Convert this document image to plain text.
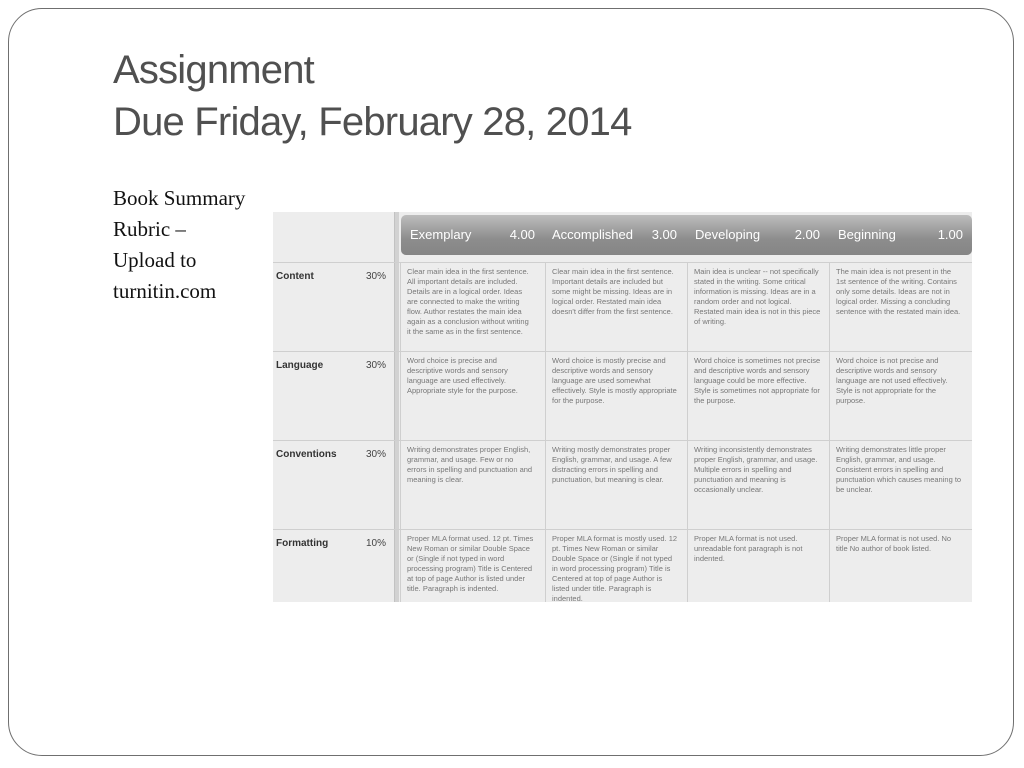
Assignment
Due Friday, February 28, 2014
Book Summary
Rubric –
Upload to
turnitin.com
Exemplary	4.00 Accomplished 3.00 Developing	2.00 Beginning	1.00
Content	30%	Clear main idea in the first sentence. All important details are included. Details are in a logical order. Ideas are connected to make the writing flow. Author restates the main idea again as a conclusion without writing it the same as in the first sentence.
Clear main idea in the first sentence. Important details are included but some might be missing. Ideas are in logical order. Restated main idea doesn't differ from the first sentence.
Main idea is unclear -- not specifically stated in the writing. Some critical information is missing. Ideas are in a random order and not logical. Restated main idea is not in this piece of writing.
The main idea is not present in the 1st sentence of the writing. Contains only some details. Ideas are not in logical order. Missing a concluding sentence with the restated main idea.
Language	30%	Word choice is precise and descriptive words and sensory language are used effectively. Appropriate style for the purpose.
Word choice is mostly precise and descriptive words and sensory language are used somewhat effectively. Style is mostly appropriate for the purpose.
Word choice is sometimes not precise and descriptive words and sensory language could be more effective. Style is sometimes not appropriate for the purpose.
Word choice is not precise and descriptive words and sensory language are not used effectively. Style is not appropriate for the purpose.
Conventions	30%	Writing demonstrates proper English, grammar, and usage. Few or no errors in spelling and punctuation and meaning is clear.
Writing mostly demonstrates proper English, grammar, and usage. A few distracting errors in spelling and punctuation, but meaning is clear.
Writing inconsistently demonstrates proper English, grammar, and usage. Multiple errors in spelling and punctuation and meaning is occasionally unclear.
Writing demonstrates little proper English, grammar, and usage. Consistent errors in spelling and punctuation which causes meaning to be unclear.
Formatting	10%	Proper MLA format used. 12 pt. Times New Roman or similar Double Space or (Single if not typed in word processing program) Title is Centered at top of page Author is listed under title. Paragraph is indented.
Proper MLA format is mostly used. 12 pt. Times New Roman or similar Double Space or (Single if not typed in word processing program) Title is Centered at top of page Author is listed under title. Paragraph is indented.
Proper MLA format is not used. unreadable font paragraph is not indented.
Proper MLA format is not used. No title No author of book listed.
